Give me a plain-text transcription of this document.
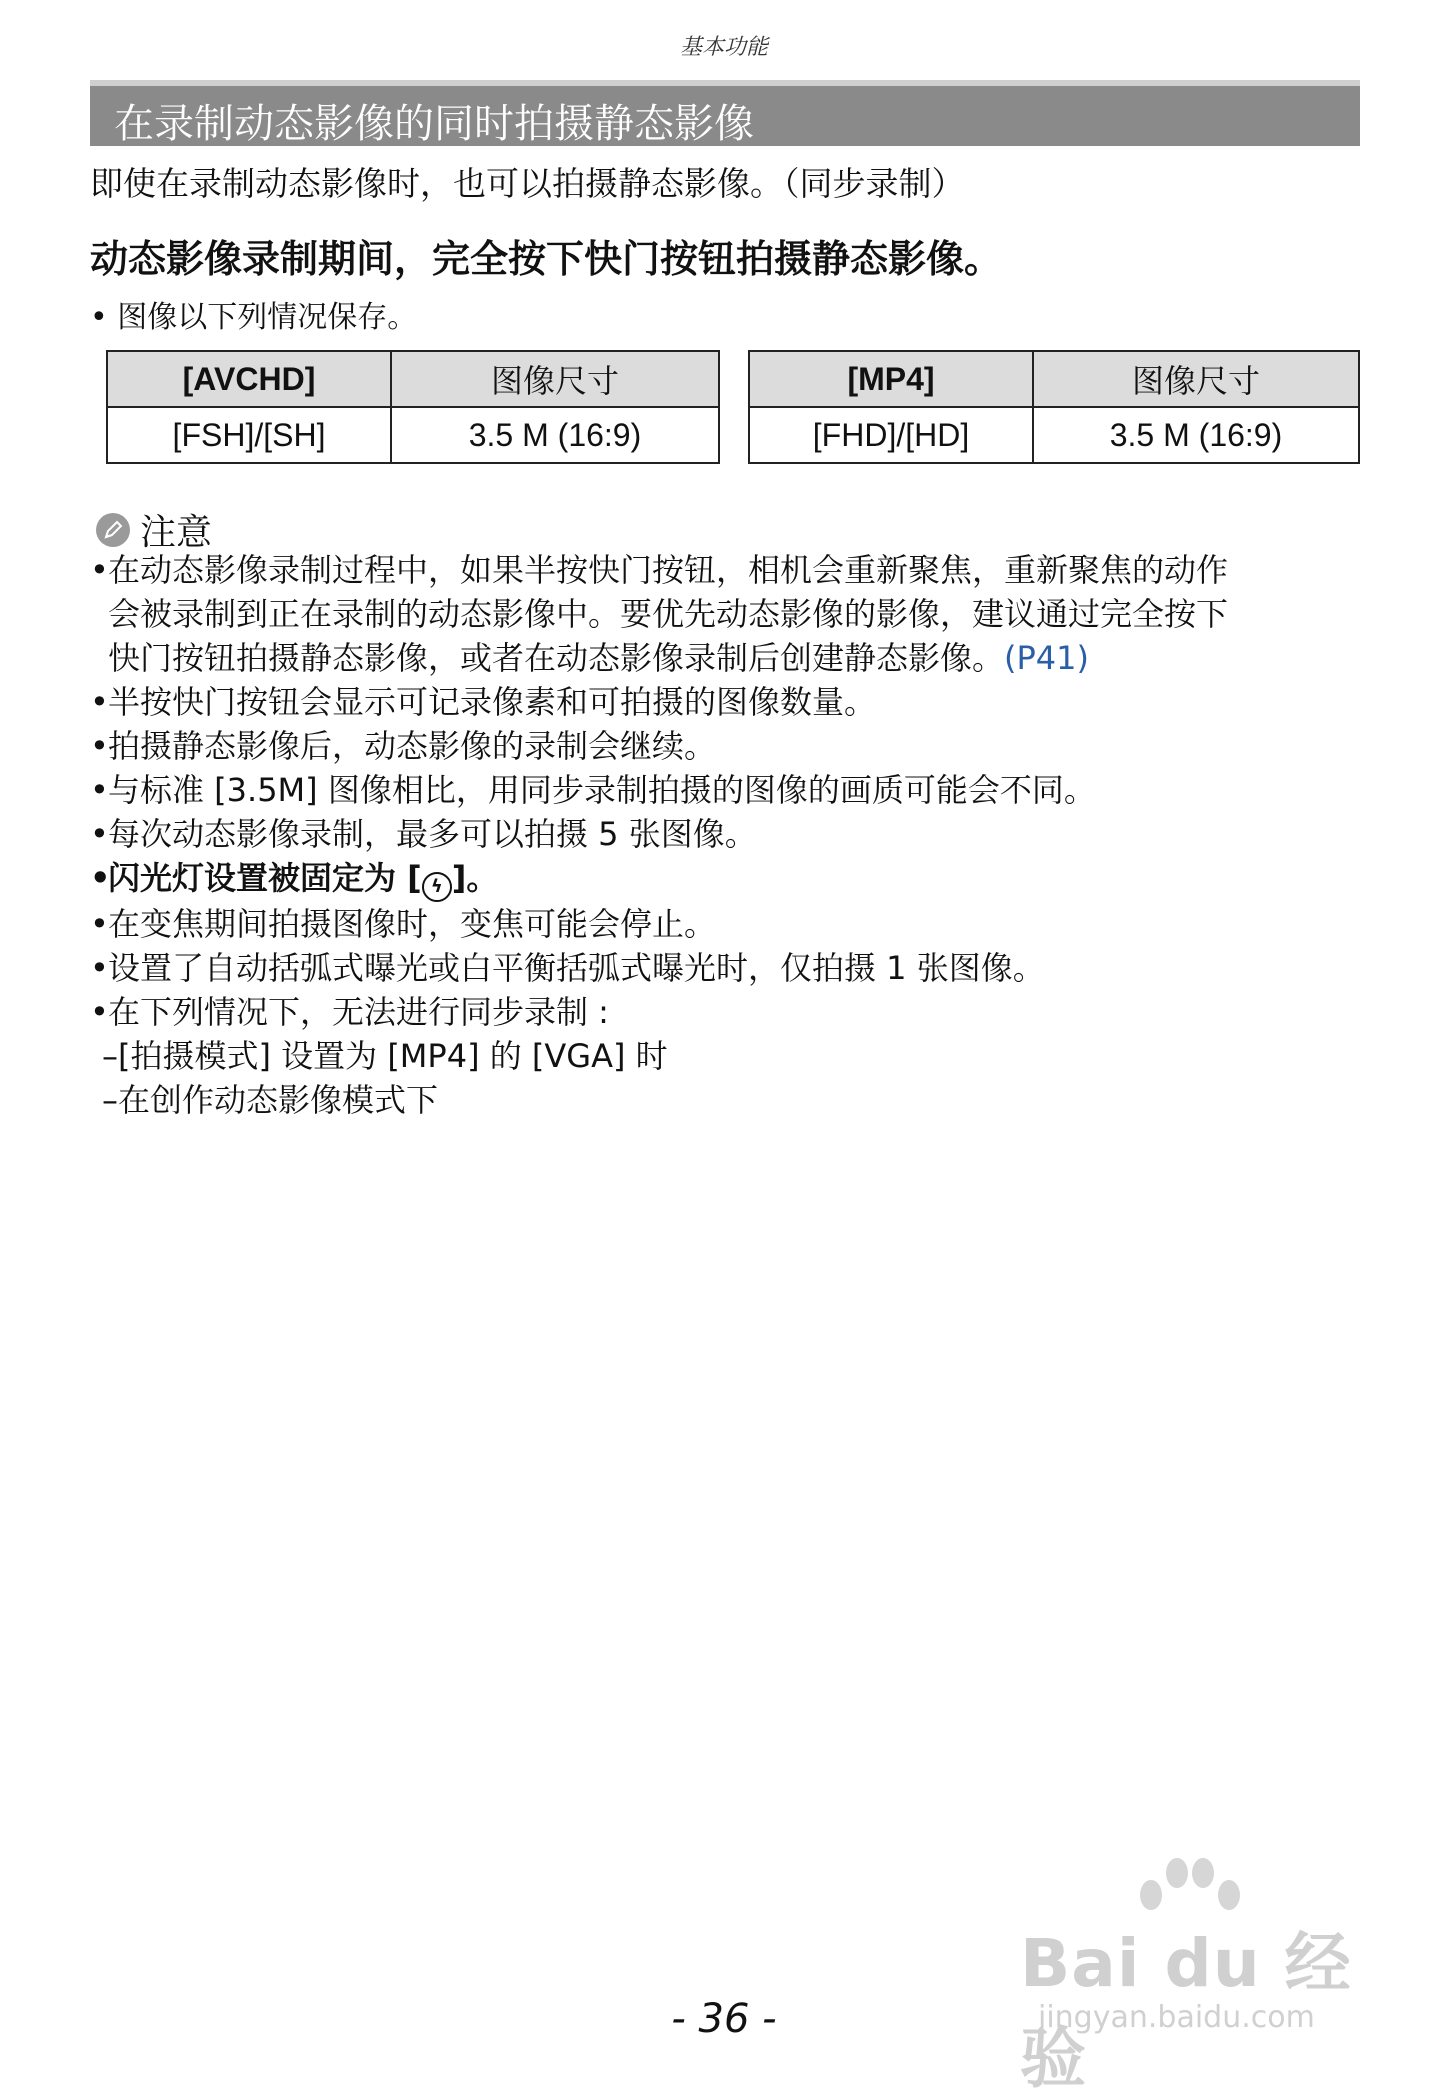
基本功能
在录制动态影像的同时拍摄静态影像
即使在录制动态影像时，也可以拍摄静态影像。（同步录制）
动态影像录制期间，完全按下快门按钮拍摄静态影像。
• 图像以下列情况保存。
[AVCHD]	图像尺寸
[FSH]/[SH]	3.5 M (16:9)
[MP4]	图像尺寸
[FHD]/[HD]	3.5 M (16:9)
注意
• 在动态影像录制过程中，如果半按快门按钮，相机会重新聚焦，重新聚焦的动作
会被录制到正在录制的动态影像中。要优先动态影像的影像，建议通过完全按下
快门按钮拍摄静态影像，或者在动态影像录制后创建静态影像。(P41)
• 半按快门按钮会显示可记录像素和可拍摄的图像数量。
• 拍摄静态影像后，动态影像的录制会继续。
• 与标准 [3.5M] 图像相比，用同步录制拍摄的图像的画质可能会不同。
• 每次动态影像录制，最多可以拍摄 5 张图像。
• 闪光灯设置被固定为 [ ϟ ]。
• 在变焦期间拍摄图像时，变焦可能会停止。
• 设置了自动括弧式曝光或白平衡括弧式曝光时，仅拍摄 1 张图像。
• 在下列情况下，无法进行同步录制 :
– [拍摄模式] 设置为 [MP4] 的 [VGA] 时
– 在创作动态影像模式下
Bai du 经验
jingyan.baidu.com
- 36 -
